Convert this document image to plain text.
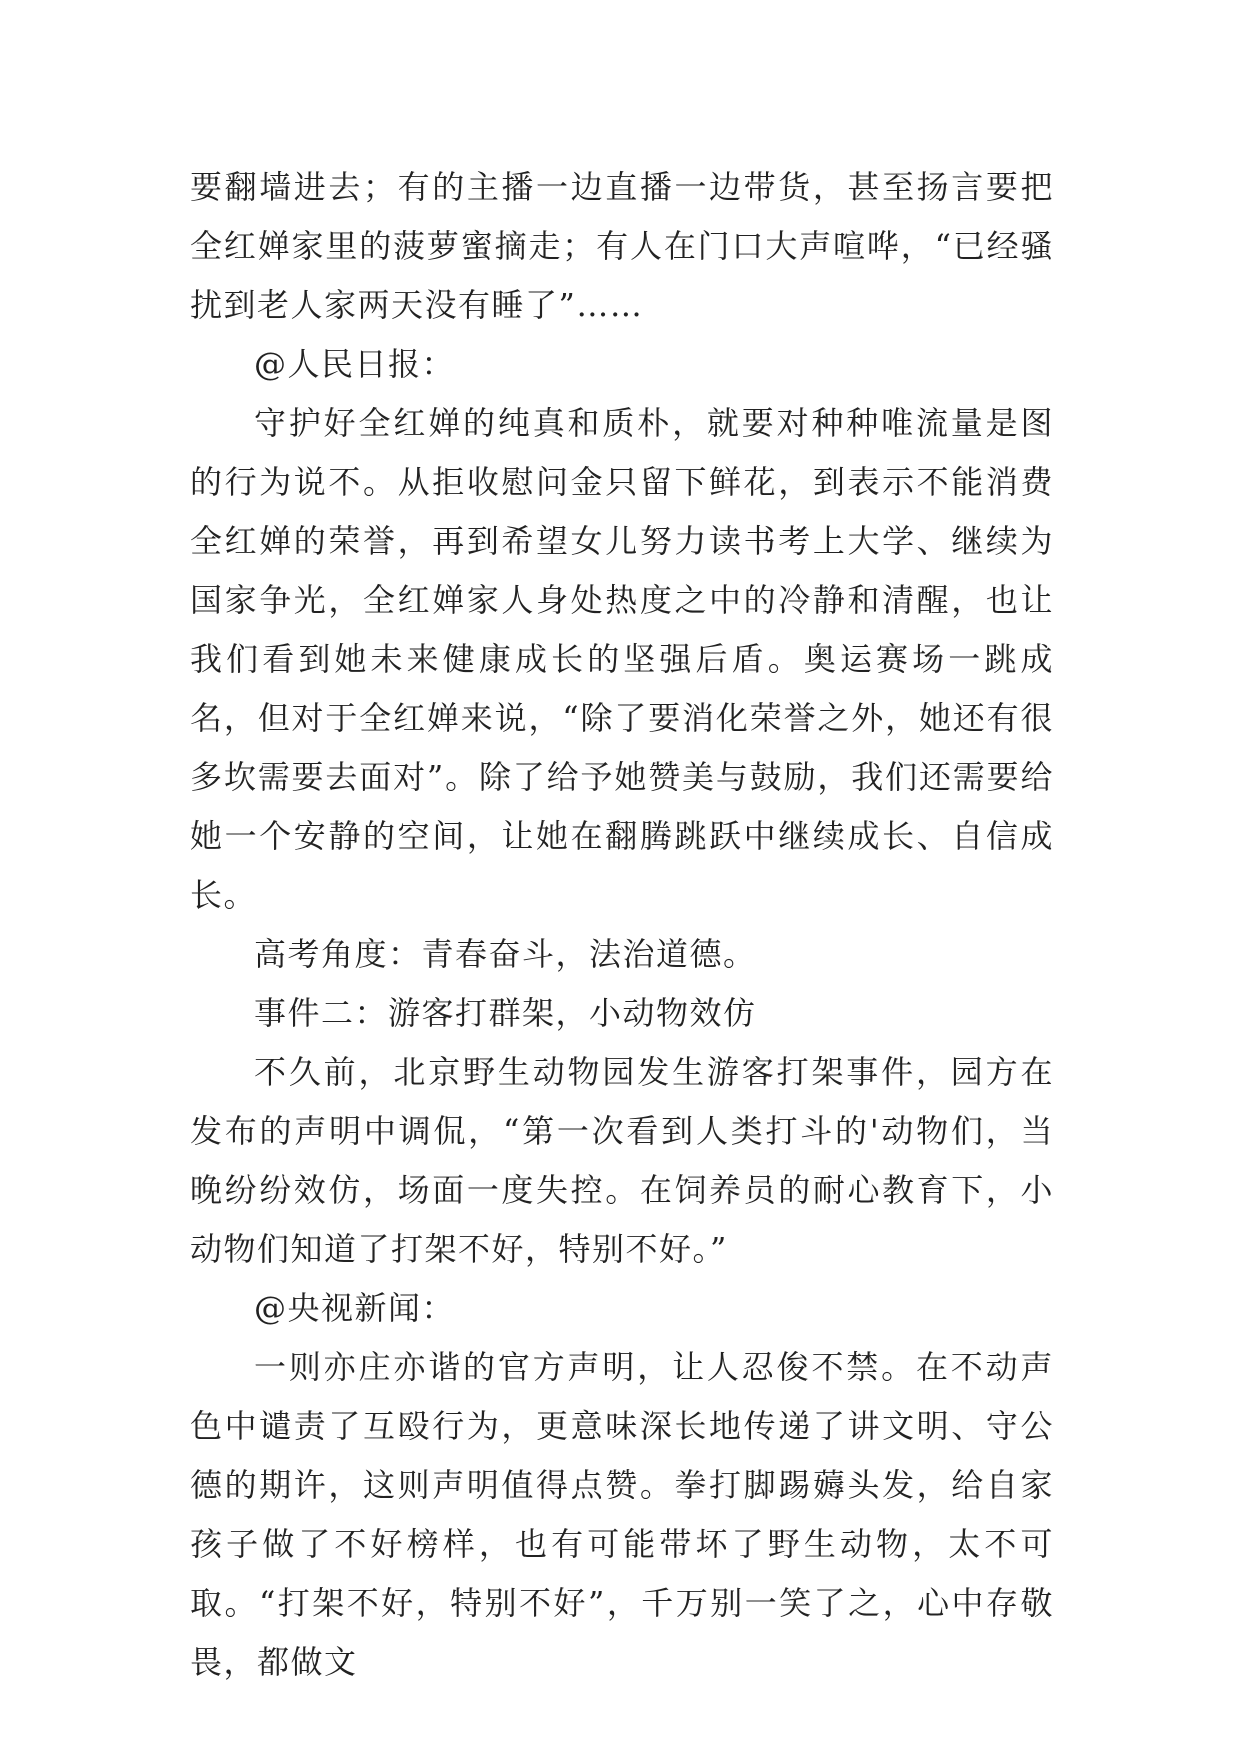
要翻墙进去；有的主播一边直播一边带货，甚至扬言要把全红婵家里的菠萝蜜摘走；有人在门口大声喧哗，“已经骚扰到老人家两天没有睡了”……

@人民日报：

守护好全红婵的纯真和质朴，就要对种种唯流量是图的行为说不。从拒收慰问金只留下鲜花，到表示不能消费全红婵的荣誉，再到希望女儿努力读书考上大学、继续为国家争光，全红婵家人身处热度之中的冷静和清醒，也让我们看到她未来健康成长的坚强后盾。奥运赛场一跳成名，但对于全红婵来说，“除了要消化荣誉之外，她还有很多坎需要去面对”。除了给予她赞美与鼓励，我们还需要给她一个安静的空间，让她在翻腾跳跃中继续成长、自信成长。

高考角度：青春奋斗，法治道德。

事件二：游客打群架，小动物效仿

不久前，北京野生动物园发生游客打架事件，园方在发布的声明中调侃，“第一次看到人类打斗的'动物们，当晚纷纷效仿，场面一度失控。在饲养员的耐心教育下，小动物们知道了打架不好，特别不好。”

@央视新闻：

一则亦庄亦谐的官方声明，让人忍俊不禁。在不动声色中谴责了互殴行为，更意味深长地传递了讲文明、守公德的期许，这则声明值得点赞。拳打脚踢薅头发，给自家孩子做了不好榜样，也有可能带坏了野生动物，太不可取。“打架不好，特别不好”，千万别一笑了之，心中存敬畏，都做文
